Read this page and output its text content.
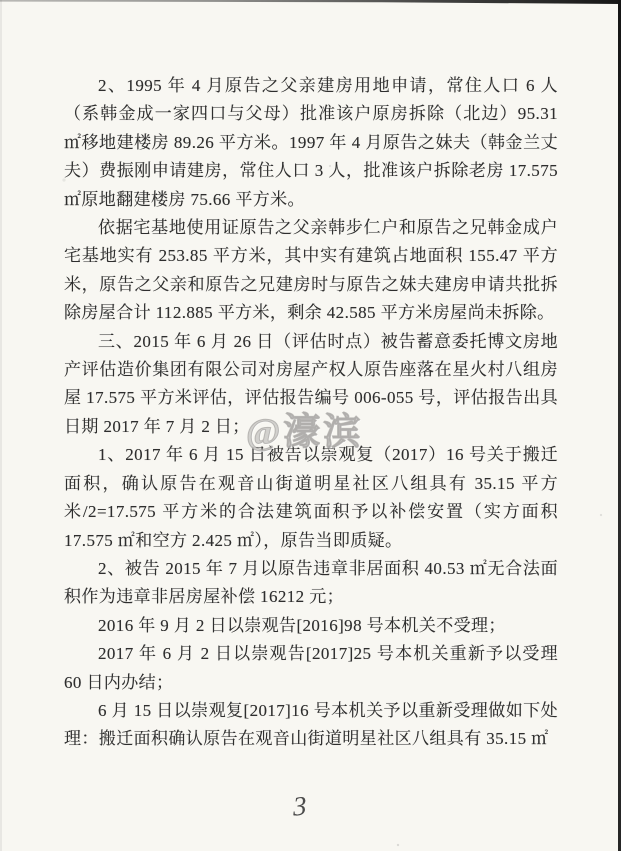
2、1995 年 4 月原告之父亲建房用地申请，常住人口 6 人（系韩金成一家四口与父母）批准该户原房拆除（北边）95.31 ㎡移地建楼房 89.26 平方米。1997 年 4 月原告之妹夫（韩金兰丈夫）费振刚申请建房，常住人口 3 人，批准该户拆除老房 17.575 ㎡原地翻建楼房 75.66 平方米。

依据宅基地使用证原告之父亲韩步仁户和原告之兄韩金成户宅基地实有 253.85 平方米，其中实有建筑占地面积 155.47 平方米，原告之父亲和原告之兄建房时与原告之妹夫建房申请共批拆除房屋合计 112.885 平方米，剩余 42.585 平方米房屋尚未拆除。

三、2015 年 6 月 26 日（评估时点）被告蓄意委托博文房地产评估造价集团有限公司对房屋产权人原告座落在星火村八组房屋 17.575 平方米评估，评估报告编号 006-055 号，评估报告出具日期 2017 年 7 月 2 日；

1、2017 年 6 月 15 日被告以崇观复（2017）16 号关于搬迁面积，确认原告在观音山街道明星社区八组具有 35.15 平方米/2=17.575 平方米的合法建筑面积予以补偿安置（实方面积 17.575 ㎡和空方 2.425 ㎡），原告当即质疑。

2、被告 2015 年 7 月以原告违章非居面积 40.53 ㎡无合法面积作为违章非居房屋补偿 16212 元；

2016 年 9 月 2 日以崇观告[2016]98 号本机关不受理；

2017 年 6 月 2 日以崇观告[2017]25 号本机关重新予以受理 60 日内办结；

6 月 15 日以崇观复[2017]16 号本机关予以重新受理做如下处理：搬迁面积确认原告在观音山街道明星社区八组具有 35.15 ㎡

@濠滨
3
